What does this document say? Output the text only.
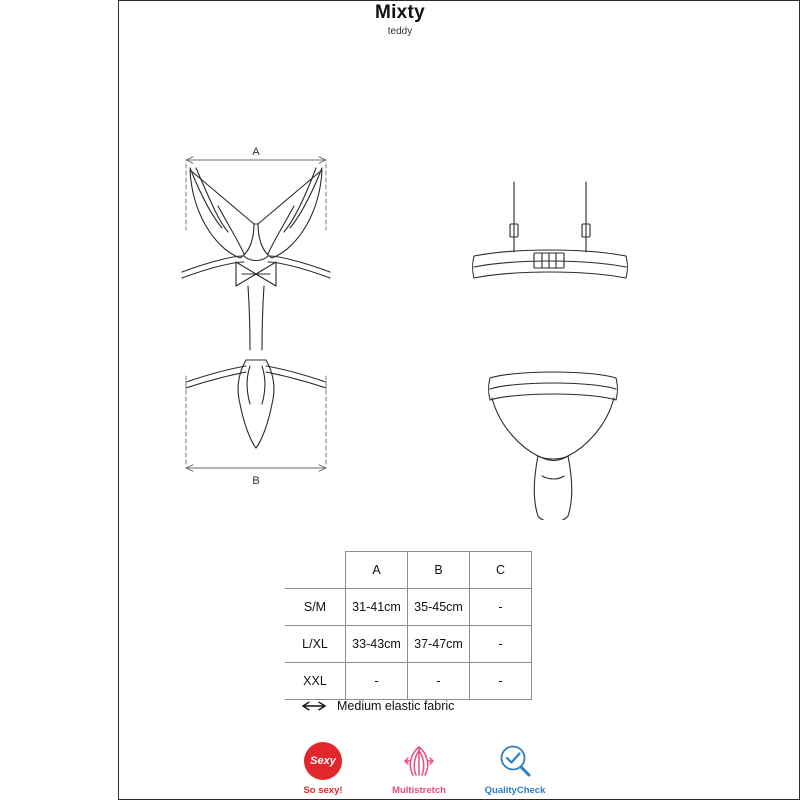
Mixty
teddy
A
B
	A	B	C
S/M	31-41cm	35-45cm	-
L/XL	33-43cm	37-47cm	-
XXL	-	-	-
Medium elastic fabric
Sexy
So sexy!	Multistretch	QualityCheck
